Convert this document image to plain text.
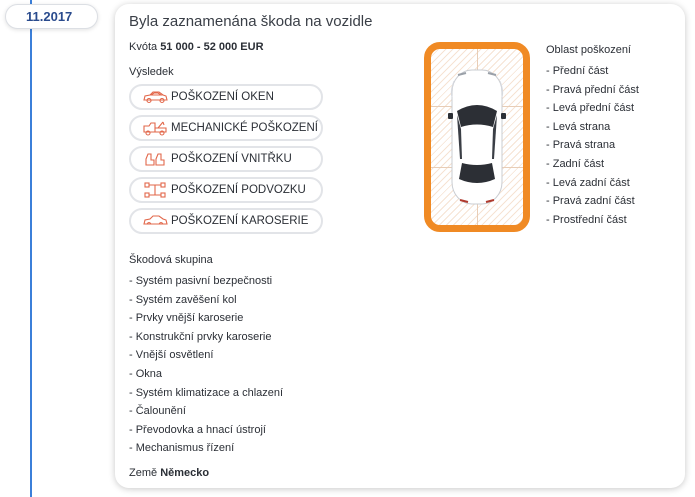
11.2017	Byla zaznamenána škoda na vozidle
Kvóta 51 000 - 52 000 EUR
Výsledek
POŠKOZENÍ OKEN
MECHANICKÉ POŠKOZENÍ
POŠKOZENÍ VNITŘKU
POŠKOZENÍ PODVOZKU
POŠKOZENÍ KAROSERIE
Škodová skupina
- Systém pasivní bezpečnosti
- Systém zavěšení kol
- Prvky vnější karoserie
- Konstrukční prvky karoserie
- Vnější osvětlení
- Okna
- Systém klimatizace a chlazení
- Čalounění
- Převodovka a hnací ústrojí
- Mechanismus řízení
Země Německo
Oblast poškození
- Přední část
- Pravá přední část
- Levá přední část
- Levá strana
- Pravá strana
- Zadní část
- Levá zadní část
- Pravá zadní část
- Prostřední část
